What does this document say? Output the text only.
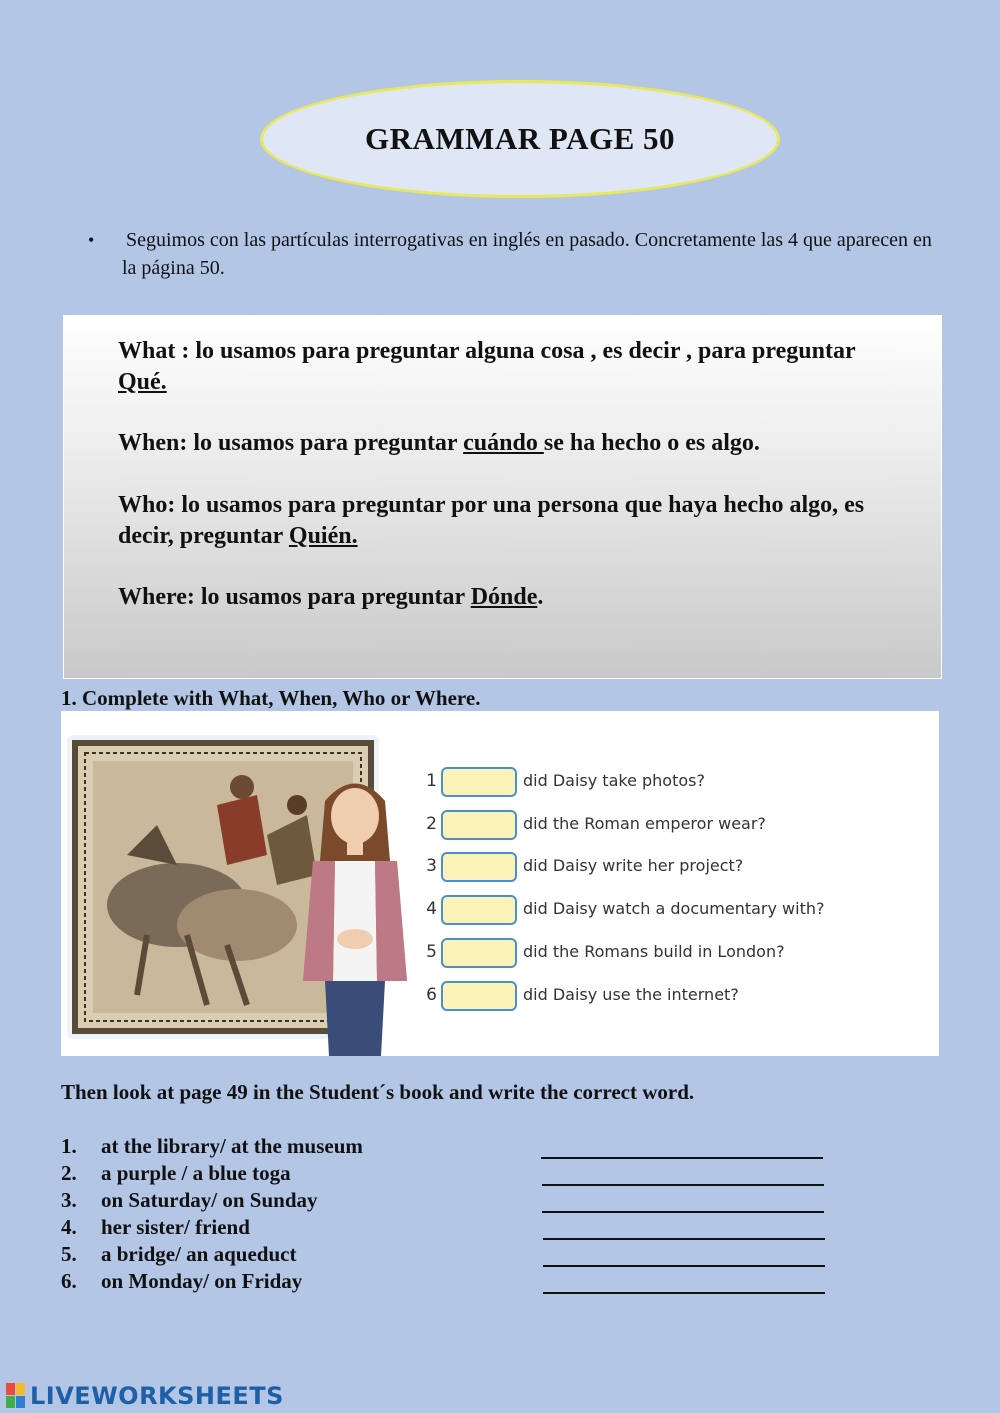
GRAMMAR PAGE 50
• Seguimos con las partículas interrogativas en inglés en pasado. Concretamente las 4 que aparecen en la página 50.
What : lo usamos para preguntar alguna cosa , es decir , para preguntar Qué.
When: lo usamos para preguntar cuándo se ha hecho o es algo.
Who: lo usamos para preguntar por una persona que haya hecho algo, es decir, preguntar Quién.
Where: lo usamos para preguntar Dónde.
1. Complete with What, When, Who or Where.
1	did Daisy take photos?
2	did the Roman emperor wear?
3	did Daisy write her project?
4	did Daisy watch a documentary with?
5	did the Romans build in London?
6	did Daisy use the internet?
Then look at page 49 in the Student´s book and write the correct word.
1.	at the library/ at the museum
2.	a purple / a blue toga
3.	on Saturday/ on Sunday
4.	her sister/ friend
5.	a bridge/ an aqueduct
6.	on Monday/ on Friday
LIVEWORKSHEETS
